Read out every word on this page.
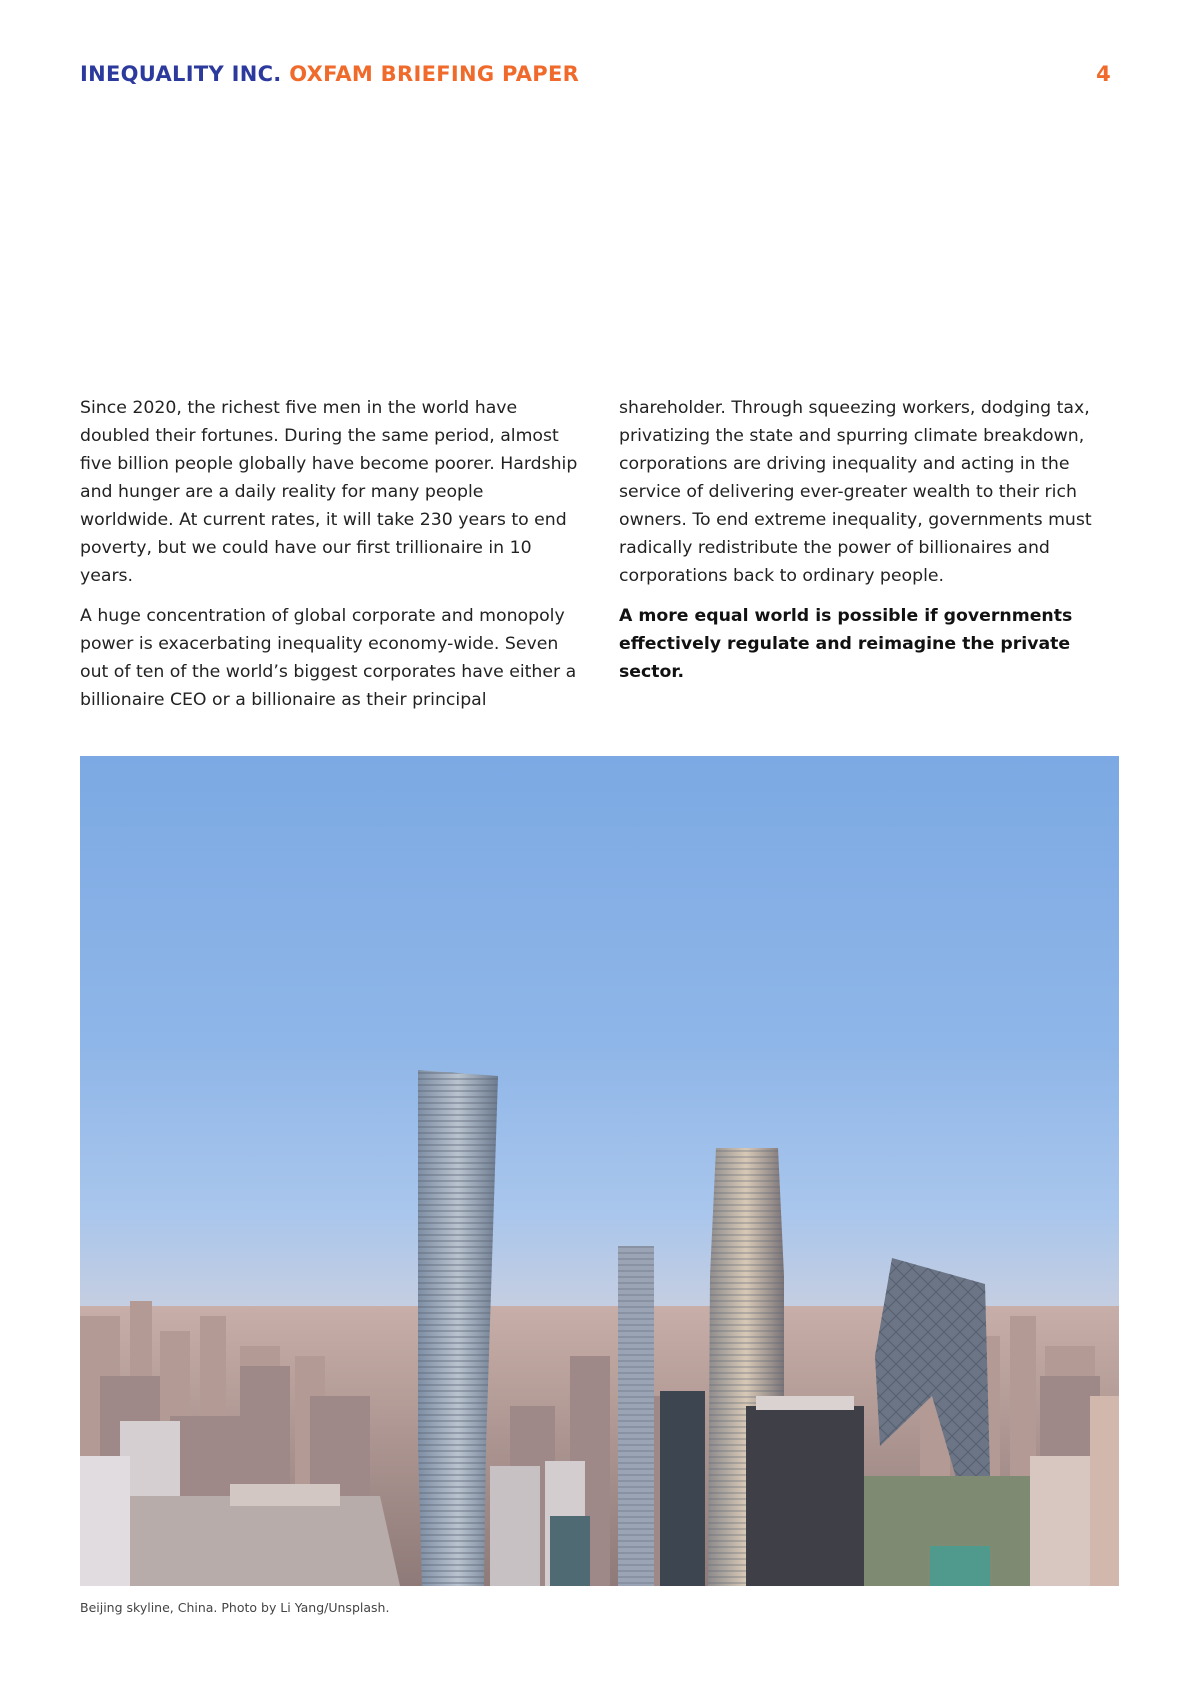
INEQUALITY INC. OXFAM BRIEFING PAPER	4

Since 2020, the richest five men in the world have doubled their fortunes. During the same period, almost five billion people globally have become poorer. Hardship and hunger are a daily reality for many people worldwide. At current rates, it will take 230 years to end poverty, but we could have our first trillionaire in 10 years.

A huge concentration of global corporate and monopoly power is exacerbating inequality economy-wide. Seven out of ten of the world’s biggest corporates have either a billionaire CEO or a billionaire as their principal

shareholder. Through squeezing workers, dodging tax, privatizing the state and spurring climate breakdown, corporations are driving inequality and acting in the service of delivering ever-greater wealth to their rich owners. To end extreme inequality, governments must radically redistribute the power of billionaires and corporations back to ordinary people.

A more equal world is possible if governments effectively regulate and reimagine the private sector.

Beijing skyline, China. Photo by Li Yang/Unsplash.
